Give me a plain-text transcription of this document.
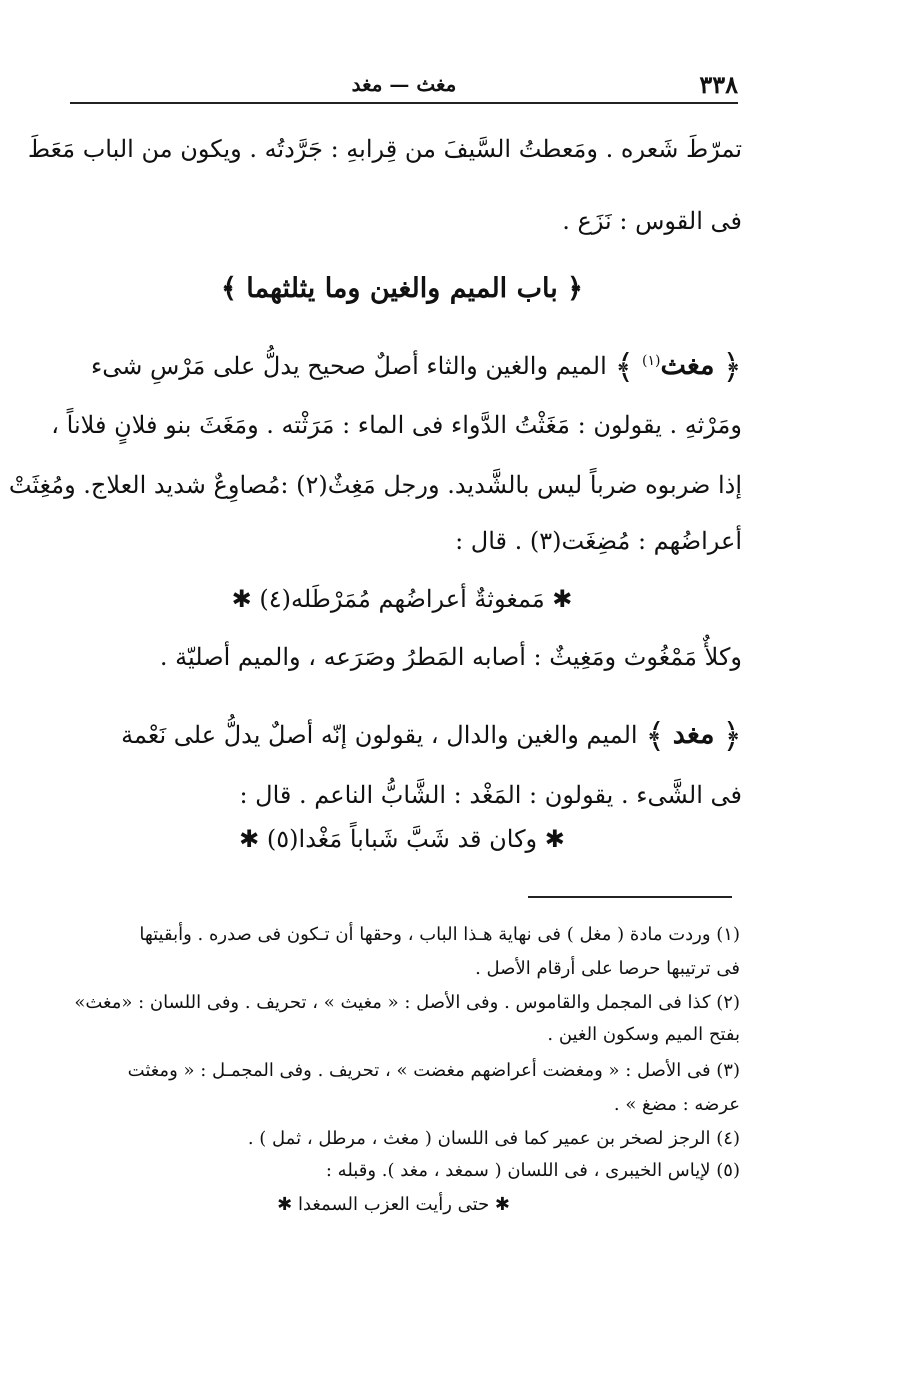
٣٣٨
مغث — مغد
تمرّطَ شَعره . ومَعطتُ السَّيفَ من قِرابهِ : جَرَّدتُه . ويكون من الباب مَعَطَ
فى القوس : نَزَع .
﴿ باب الميم والغين وما يثلثهما ﴾
﴿ مغث$^{(١)}$ ﴾ الميم والغين والثاء أصلٌ صحيح يدلُّ على مَرْسِ شىء
ومَرْثهِ . يقولون : مَغَثْتُ الدَّواء فى الماء : مَرَثْته . ومَغَثَ بنو فلانٍ فلاناً ،
إذا ضربوه ضرباً ليس بالشَّديد. ورجل مَغِثٌ(٢) :مُصاوِعٌ شديد العلاج. ومُغِثَتْ
أعراضُهم : مُضِغَت(٣) . قال :
✱ مَمغوثةٌ أعراضُهم مُمَرْطَله(٤) ✱
وكلأٌ مَمْغُوث ومَغِيثٌ : أصابه المَطرُ وصَرَعه ، والميم أصليّة .
﴿ مغد ﴾ الميم والغين والدال ، يقولون إنّه أصلٌ يدلُّ على نَعْمة
فى الشَّىء . يقولون : المَغْد : الشَّابُّ الناعم . قال :
✱ وكان قد شَبَّ شَباباً مَغْدا(٥) ✱
(١) وردت مادة ( مغل ) فى نهاية هـذا الباب ، وحقها أن تـكون فى صدره . وأبقيتها
فى ترتيبها حرصا على أرقام الأصل .
(٢) كذا فى المجمل والقاموس . وفى الأصل : « مغيث » ، تحريف . وفى اللسان : «مغث»
بفتح الميم وسكون الغين .
(٣) فى الأصل : « ومغضت أعراضهم مغضت » ، تحريف . وفى المجمـل : « ومغثت
عرضه : مضغ » .
(٤) الرجز لصخر بن عمير كما فى اللسان ( مغث ، مرطل ، ثمل ) .
(٥) لإياس الخيبرى ، فى اللسان ( سمغد ، مغد ). وقبله :
✱ حتى رأيت العزب السمغدا ✱
